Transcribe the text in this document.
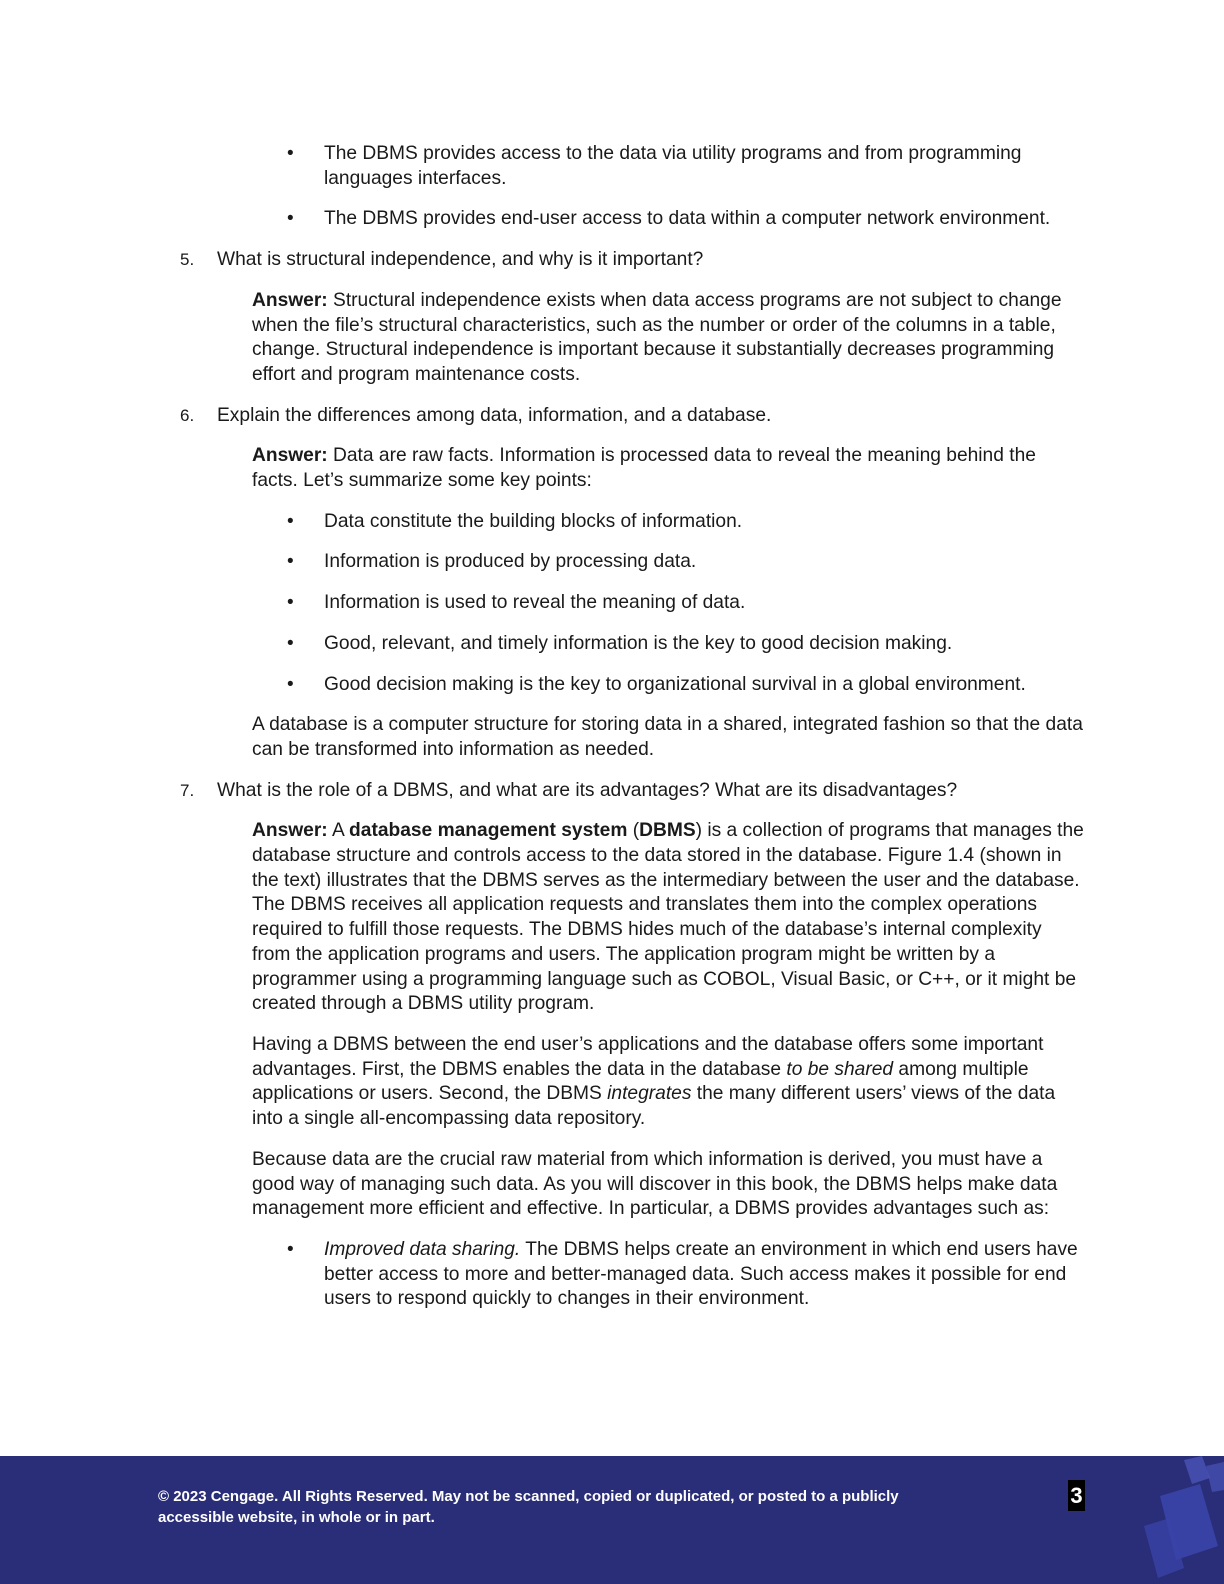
• The DBMS provides access to the data via utility programs and from programming languages interfaces.
• The DBMS provides end-user access to data within a computer network environment.
5. What is structural independence, and why is it important?

Answer: Structural independence exists when data access programs are not subject to change when the file’s structural characteristics, such as the number or order of the columns in a table, change. Structural independence is important because it substantially decreases programming effort and program maintenance costs.

6. Explain the differences among data, information, and a database.

Answer: Data are raw facts. Information is processed data to reveal the meaning behind the facts. Let’s summarize some key points:

• Data constitute the building blocks of information.
• Information is produced by processing data.
• Information is used to reveal the meaning of data.
• Good, relevant, and timely information is the key to good decision making.
• Good decision making is the key to organizational survival in a global environment.

A database is a computer structure for storing data in a shared, integrated fashion so that the data can be transformed into information as needed.

7. What is the role of a DBMS, and what are its advantages? What are its disadvantages?

Answer: A database management system (DBMS) is a collection of programs that manages the database structure and controls access to the data stored in the database. Figure 1.4 (shown in the text) illustrates that the DBMS serves as the intermediary between the user and the database. The DBMS receives all application requests and translates them into the complex operations required to fulfill those requests. The DBMS hides much of the database’s internal complexity from the application programs and users. The application program might be written by a programmer using a programming language such as COBOL, Visual Basic, or C++, or it might be created through a DBMS utility program.

Having a DBMS between the end user’s applications and the database offers some important advantages. First, the DBMS enables the data in the database to be shared among multiple applications or users. Second, the DBMS integrates the many different users’ views of the data into a single all-encompassing data repository.

Because data are the crucial raw material from which information is derived, you must have a good way of managing such data. As you will discover in this book, the DBMS helps make data management more efficient and effective. In particular, a DBMS provides advantages such as:

• Improved data sharing. The DBMS helps create an environment in which end users have better access to more and better-managed data. Such access makes it possible for end users to respond quickly to changes in their environment.
© 2023 Cengage. All Rights Reserved. May not be scanned, copied or duplicated, or posted to a publicly accessible website, in whole or in part.
3
